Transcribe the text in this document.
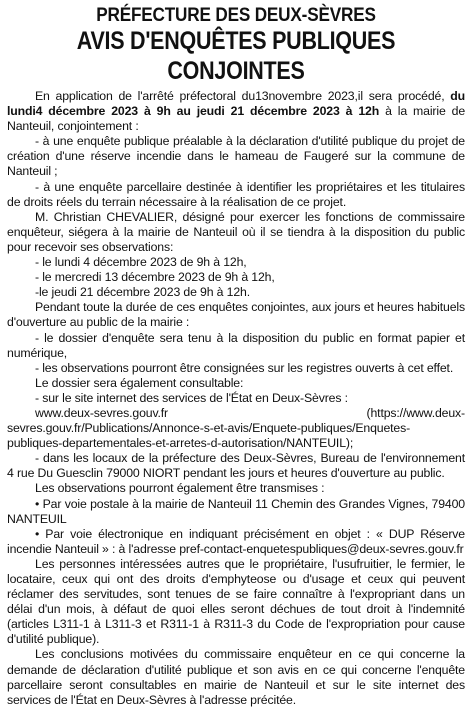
PRÉFECTURE DES DEUX-SÈVRES
AVIS D'ENQUÊTES PUBLIQUES CONJOINTES

En application de l'arrêté préfectoral du13novembre 2023,il sera procédé, du lundi4 décembre 2023 à 9h au jeudi 21 décembre 2023 à 12h à la mairie de Nanteuil, conjointement :

- à une enquête publique préalable à la déclaration d'utilité publique du projet de création d'une réserve incendie dans le hameau de Faugeré sur la commune de Nanteuil ;

- à une enquête parcellaire destinée à identifier les propriétaires et les titulaires de droits réels du terrain nécessaire à la réalisation de ce projet.

M. Christian CHEVALIER, désigné pour exercer les fonctions de commissaire enquêteur, siégera à la mairie de Nanteuil où il se tiendra à la disposition du public pour recevoir ses observations:

- le lundi 4 décembre 2023 de 9h à 12h,

- le mercredi 13 décembre 2023 de 9h à 12h,

-le jeudi 21 décembre 2023 de 9h à 12h.

Pendant toute la durée de ces enquêtes conjointes, aux jours et heures habituels d'ouverture au public de la mairie :

- le dossier d'enquête sera tenu à la disposition du public en format papier et numérique,

- les observations pourront être consignées sur les registres ouverts à cet effet.

Le dossier sera également consultable:

- sur le site internet des services de l'État en Deux-Sèvres :

www.deux-sevres.gouv.fr (https://www.deux-sevres.gouv.fr/Publications/Annonce-s-et-avis/Enquete-publiques/Enquetes-publiques-departementales-et-arretes-d-autorisation/NANTEUIL);

- dans les locaux de la préfecture des Deux-Sèvres, Bureau de l'environnement 4 rue Du Guesclin 79000 NIORT pendant les jours et heures d'ouverture au public.

Les observations pourront également être transmises :

• Par voie postale à la mairie de Nanteuil 11 Chemin des Grandes Vignes, 79400 NANTEUIL

• Par voie électronique en indiquant précisément en objet : « DUP Réserve incendie Nanteuil » : à l'adresse pref-contact-enquetespubliques@deux-sevres.gouv.fr

Les personnes intéressées autres que le propriétaire, l'usufruitier, le fermier, le locataire, ceux qui ont des droits d'emphyteose ou d'usage et ceux qui peuvent réclamer des servitudes, sont tenues de se faire connaître à l'expropriant dans un délai d'un mois, à défaut de quoi elles seront déchues de tout droit à l'indemnité (articles L311-1 à L311-3 et R311-1 à R311-3 du Code de l'expropriation pour cause d'utilité publique).

Les conclusions motivées du commissaire enquêteur en ce qui concerne la demande de déclaration d'utilité publique et son avis en ce qui concerne l'enquête parcellaire seront consultables en mairie de Nanteuil et sur le site internet des services de l'État en Deux-Sèvres à l'adresse précitée.
